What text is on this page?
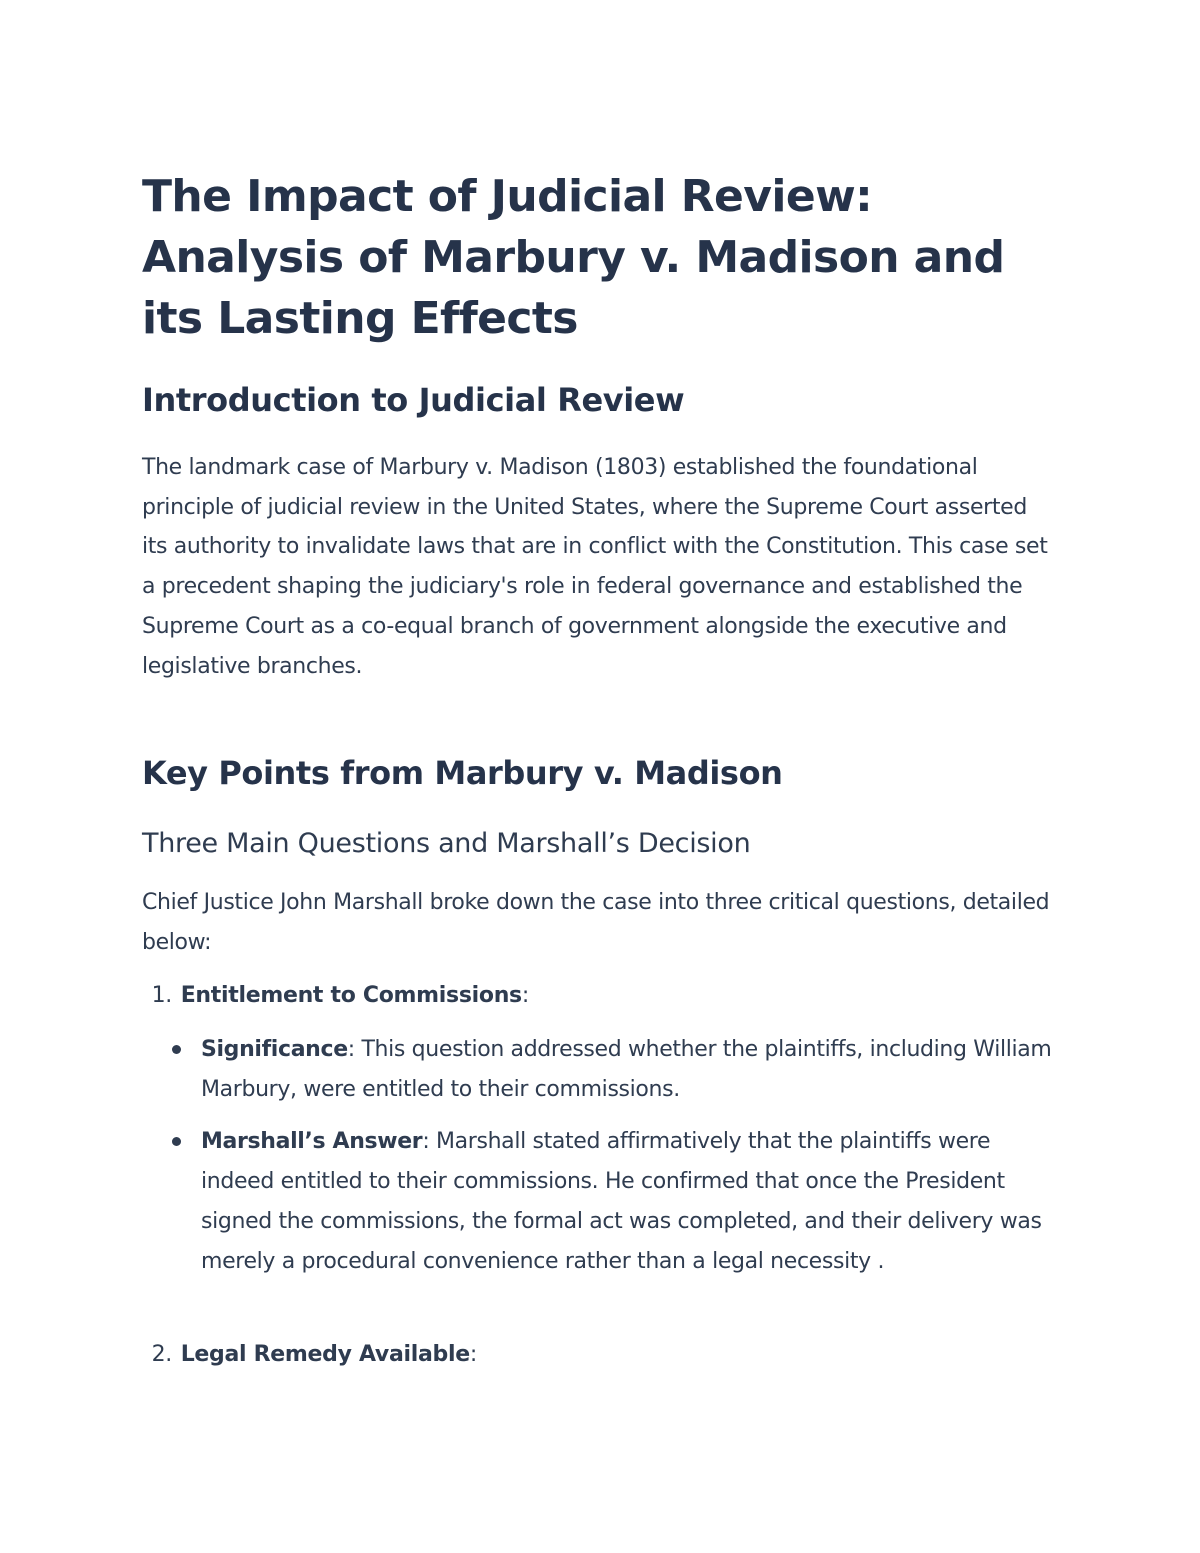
The Impact of Judicial Review: Analysis of Marbury v. Madison and its Lasting Effects
Introduction to Judicial Review

The landmark case of Marbury v. Madison (1803) established the foundational principle of judicial review in the United States, where the Supreme Court asserted its authority to invalidate laws that are in conflict with the Constitution. This case set a precedent shaping the judiciary's role in federal governance and established the Supreme Court as a co-equal branch of government alongside the executive and legislative branches.

Key Points from Marbury v. Madison
Three Main Questions and Marshall’s Decision

Chief Justice John Marshall broke down the case into three critical questions, detailed below:

1. Entitlement to Commissions:
Significance: This question addressed whether the plaintiffs, including William Marbury, were entitled to their commissions.
Marshall’s Answer: Marshall stated affirmatively that the plaintiffs were indeed entitled to their commissions. He confirmed that once the President signed the commissions, the formal act was completed, and their delivery was merely a procedural convenience rather than a legal necessity .
2. Legal Remedy Available:
